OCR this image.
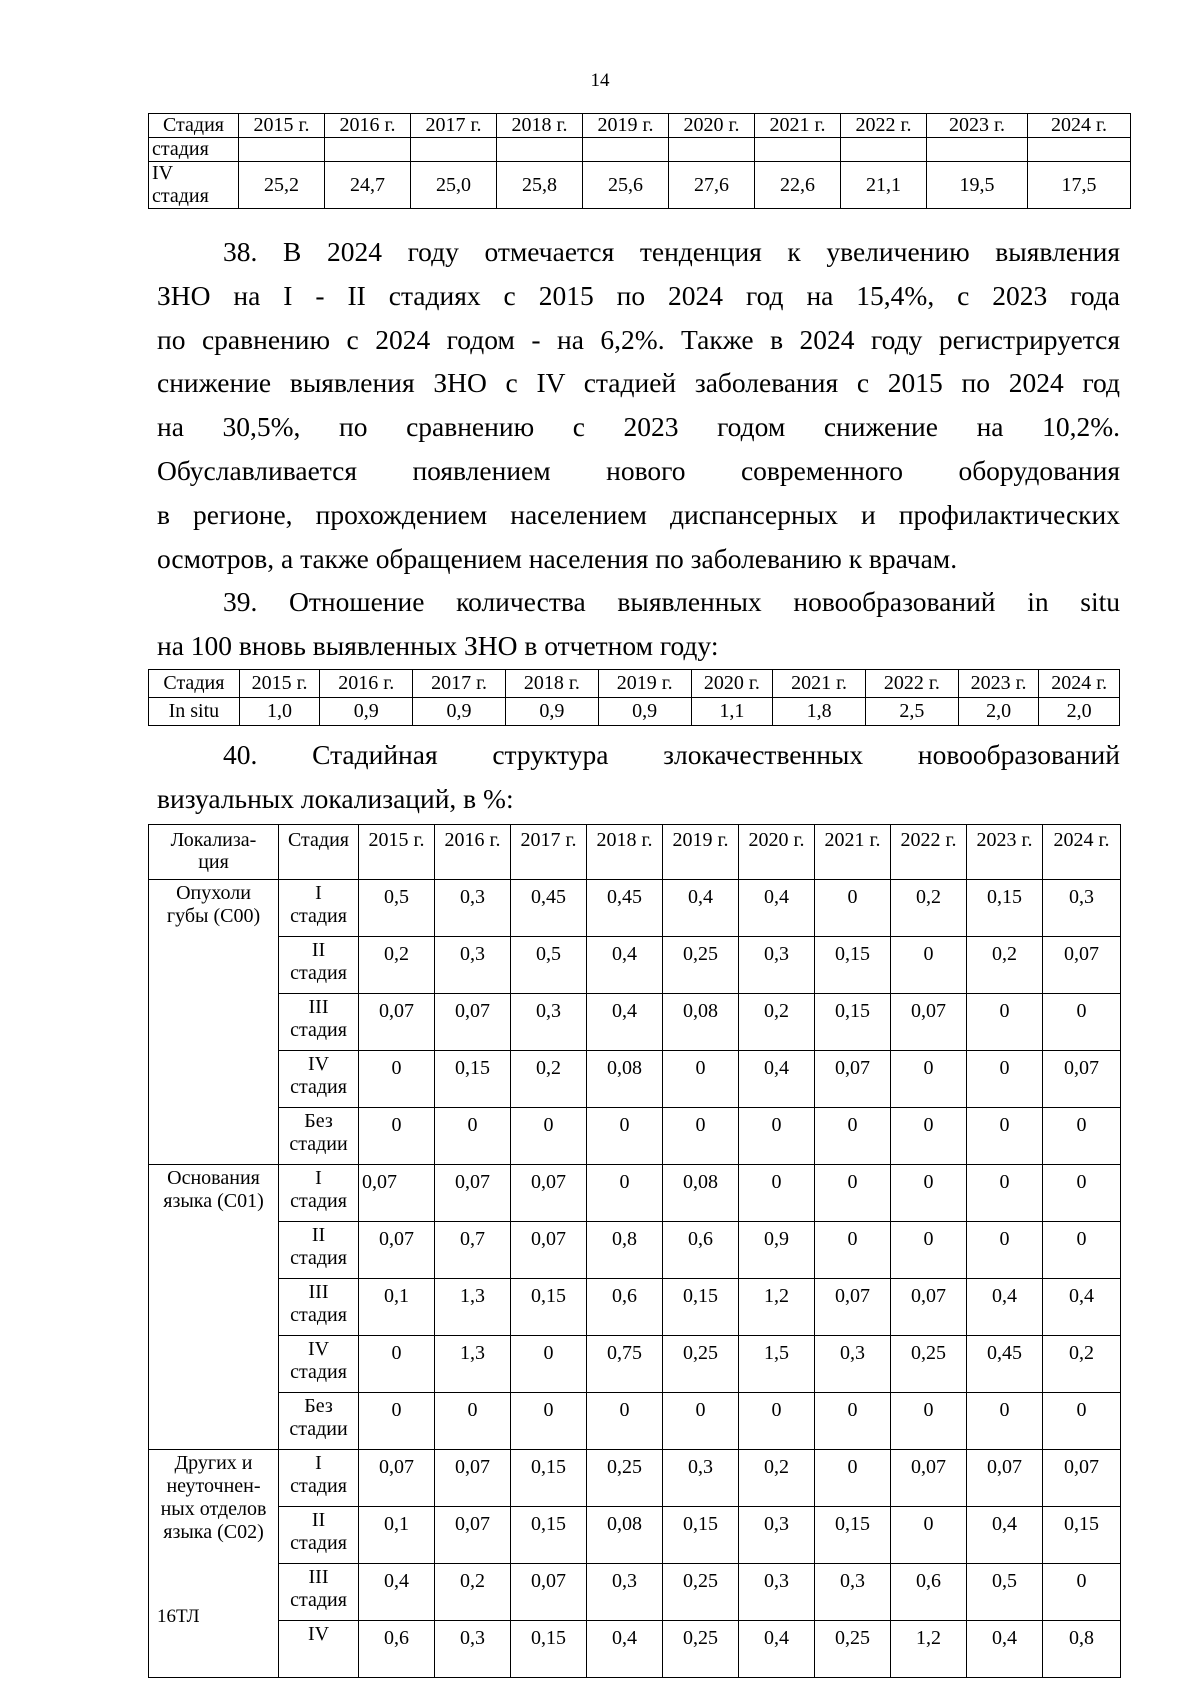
14
Стадия	2015 г.	2016 г.	2017 г.	2018 г.	2019 г.	2020 г.	2021 г.	2022 г.	2023 г.	2024 г.
стадия										
IV
стадия	25,2	24,7	25,0	25,8	25,6	27,6	22,6	21,1	19,5	17,5

38. В 2024 году отмечается тенденция к увеличению выявления

ЗНО на I - II стадиях с 2015 по 2024 год на 15,4%, с 2023 года

по сравнению с 2024 годом - на 6,2%. Также в 2024 году регистрируется

снижение выявления ЗНО с IV стадией заболевания с 2015 по 2024 год

на 30,5%, по сравнению с 2023 годом снижение на 10,2%.

Обуславливается появлением нового современного оборудования

в регионе, прохождением населением диспансерных и профилактических

осмотров, а также обращением населения по заболеванию к врачам.

39. Отношение количества выявленных новообразований in situ

на 100 вновь выявленных ЗНО в отчетном году:

Стадия	2015 г.	2016 г.	2017 г.	2018 г.	2019 г.	2020 г.	2021 г.	2022 г.	2023 г.	2024 г.
In situ	1,0	0,9	0,9	0,9	0,9	1,1	1,8	2,5	2,0	2,0

40. Стадийная структура злокачественных новообразований

визуальных локализаций, в %:

Локализа-
ция	Стадия	2015 г.	2016 г.	2017 г.	2018 г.	2019 г.	2020 г.	2021 г.	2022 г.	2023 г.	2024 г.
Опухоли
губы (С00)	I
стадия	0,5	0,3	0,45	0,45	0,4	0,4	0	0,2	0,15	0,3
	II
стадия	0,2	0,3	0,5	0,4	0,25	0,3	0,15	0	0,2	0,07
	III
стадия	0,07	0,07	0,3	0,4	0,08	0,2	0,15	0,07	0	0
	IV
стадия	0	0,15	0,2	0,08	0	0,4	0,07	0	0	0,07
	Без
стадии	0	0	0	0	0	0	0	0	0	0
Основания
языка (С01)	I
стадия	0,07	0,07	0,07	0	0,08	0	0	0	0	0
	II
стадия	0,07	0,7	0,07	0,8	0,6	0,9	0	0	0	0
	III
стадия	0,1	1,3	0,15	0,6	0,15	1,2	0,07	0,07	0,4	0,4
	IV
стадия	0	1,3	0	0,75	0,25	1,5	0,3	0,25	0,45	0,2
	Без
стадии	0	0	0	0	0	0	0	0	0	0
Других и
неуточнен-
ных отделов
языка (С02)	I
стадия	0,07	0,07	0,15	0,25	0,3	0,2	0	0,07	0,07	0,07
	II
стадия	0,1	0,07	0,15	0,08	0,15	0,3	0,15	0	0,4	0,15
	III
стадия	0,4	0,2	0,07	0,3	0,25	0,3	0,3	0,6	0,5	0
	IV	0,6	0,3	0,15	0,4	0,25	0,4	0,25	1,2	0,4	0,8
16ТЛ
